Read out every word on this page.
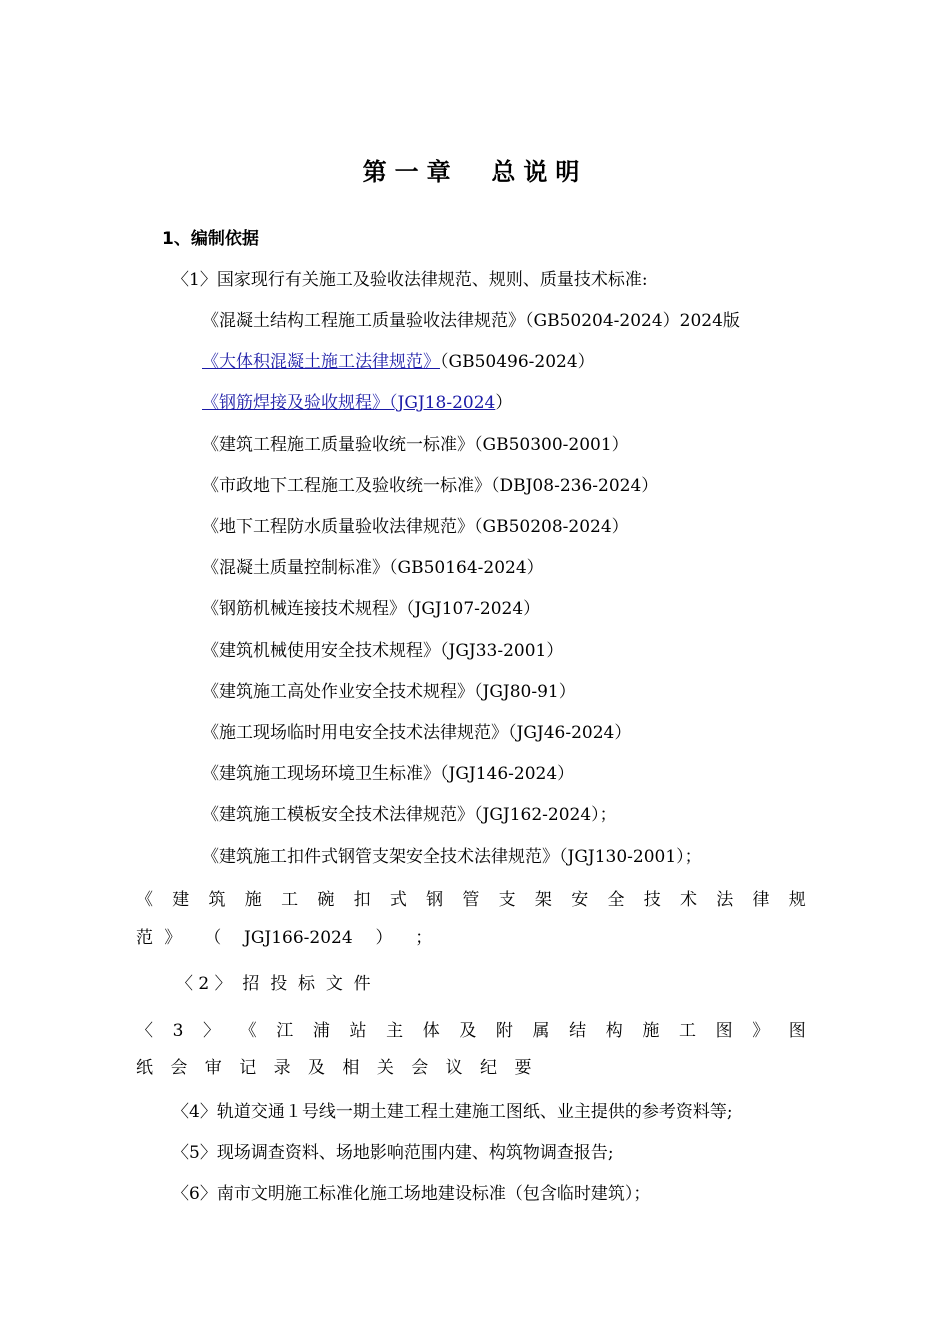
第一章  总说明
1、编制依据
〈1〉国家现行有关施工及验收法律规范、规则、质量技术标准:
《混凝土结构工程施工质量验收法律规范》（GB50204-2024）2024版
《大体积混凝土施工法律规范》（GB50496-2024）
《钢筋焊接及验收规程》（JGJ18-2024）
《建筑工程施工质量验收统一标准》（GB50300-2001）
《市政地下工程施工及验收统一标准》（DBJ08-236-2024）
《地下工程防水质量验收法律规范》（GB50208-2024）
《混凝土质量控制标准》（GB50164-2024）
《钢筋机械连接技术规程》（JGJ107-2024）
《建筑机械使用安全技术规程》（JGJ33-2001）
《建筑施工高处作业安全技术规程》（JGJ80-91）
《施工现场临时用电安全技术法律规范》（JGJ46-2024）
《建筑施工现场环境卫生标准》（JGJ146-2024）
《建筑施工模板安全技术法律规范》（JGJ162-2024）；
《建筑施工扣件式钢管支架安全技术法律规范》（JGJ130-2001）；
《 建 筑 施 工 碗 扣 式 钢 管 支 架 安 全 技 术 法 律 规
范 》  （  JGJ166-2024  ）  ；
〈 2 〉  招  投  标  文  件
〈 3 〉 《 江 浦 站 主 体 及 附 属 结 构 施 工 图 》 图
纸 会 审 记 录 及 相 关 会 议 纪 要
〈4〉轨道交通１号线一期土建工程土建施工图纸、业主提供的参考资料等;
〈5〉现场调查资料、场地影响范围内建、构筑物调查报告;
〈6〉南市文明施工标准化施工场地建设标准（包含临时建筑）；
